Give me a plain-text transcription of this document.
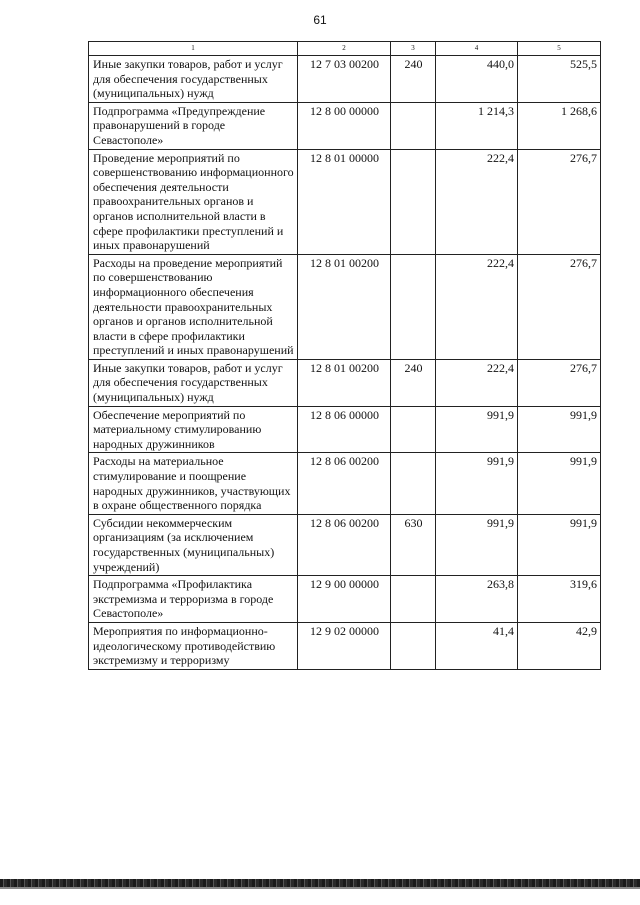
61
1	2	3	4	5
Иные закупки товаров, работ и услуг для обеспечения государственных (муниципальных) нужд	12 7 03 00200	240	440,0	525,5
Подпрограмма «Предупреждение правонарушений в городе Севастополе»	12 8 00 00000		1 214,3	1 268,6
Проведение мероприятий по совершенствованию информационного обеспечения деятельности правоохранительных органов и органов исполнительной власти в сфере профилактики преступлений и иных правонарушений	12 8 01 00000		222,4	276,7
Расходы на проведение мероприятий по совершенствованию информационного обеспечения деятельности правоохранительных органов и органов исполнительной власти в сфере профилактики преступлений и иных правонарушений	12 8 01 00200		222,4	276,7
Иные закупки товаров, работ и услуг для обеспечения государственных (муниципальных) нужд	12 8 01 00200	240	222,4	276,7
Обеспечение мероприятий по материальному стимулированию народных дружинников	12 8 06 00000		991,9	991,9
Расходы на материальное стимулирование и поощрение народных дружинников, участвующих в охране общественного порядка	12 8 06 00200		991,9	991,9
Субсидии некоммерческим организациям (за исключением государственных (муниципальных) учреждений)	12 8 06 00200	630	991,9	991,9
Подпрограмма «Профилактика экстремизма и терроризма в городе Севастополе»	12 9 00 00000		263,8	319,6
Мероприятия по информационно-идеологическому противодействию экстремизму и терроризму	12 9 02 00000		41,4	42,9
